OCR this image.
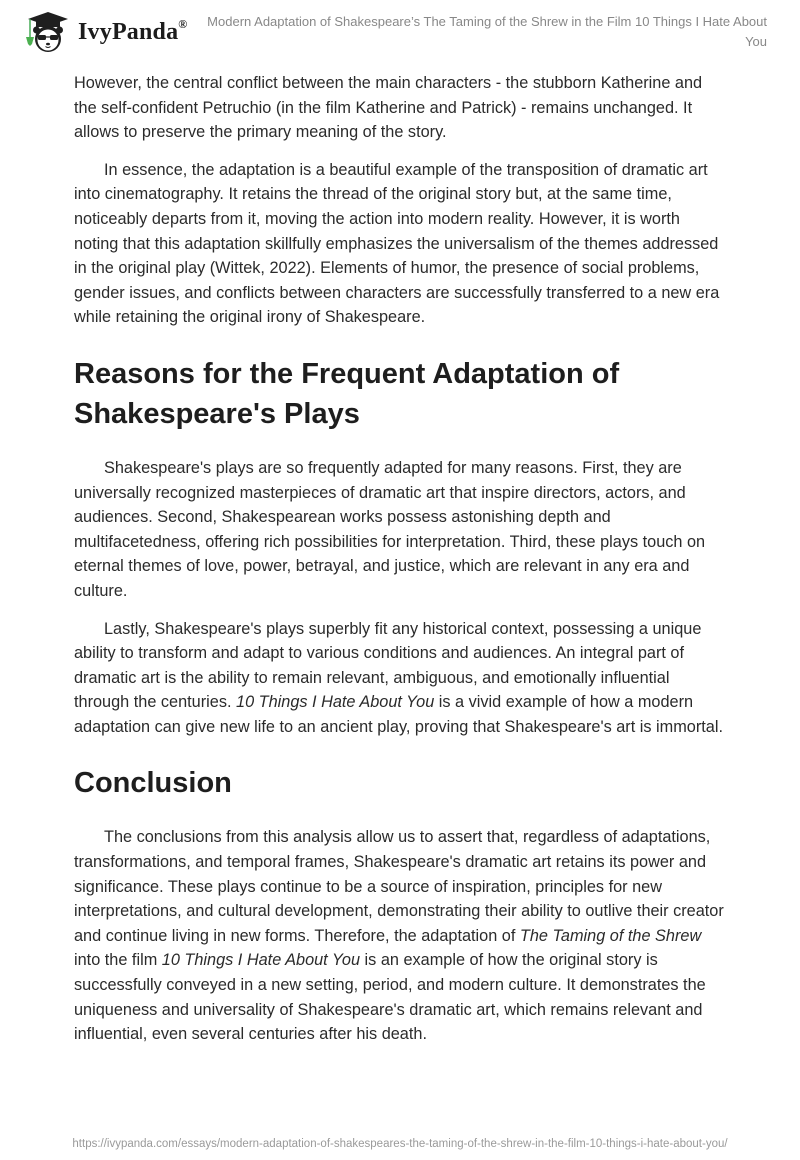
IvyPanda® Modern Adaptation of Shakespeare’s The Taming of the Shrew in the Film 10 Things I Hate About You

However, the central conflict between the main characters - the stubborn Katherine and the self-confident Petruchio (in the film Katherine and Patrick) - remains unchanged. It allows to preserve the primary meaning of the story.

In essence, the adaptation is a beautiful example of the transposition of dramatic art into cinematography. It retains the thread of the original story but, at the same time, noticeably departs from it, moving the action into modern reality. However, it is worth noting that this adaptation skillfully emphasizes the universalism of the themes addressed in the original play (Wittek, 2022). Elements of humor, the presence of social problems, gender issues, and conflicts between characters are successfully transferred to a new era while retaining the original irony of Shakespeare.

Reasons for the Frequent Adaptation of Shakespeare's Plays

Shakespeare's plays are so frequently adapted for many reasons. First, they are universally recognized masterpieces of dramatic art that inspire directors, actors, and audiences. Second, Shakespearean works possess astonishing depth and multifacetedness, offering rich possibilities for interpretation. Third, these plays touch on eternal themes of love, power, betrayal, and justice, which are relevant in any era and culture.

Lastly, Shakespeare's plays superbly fit any historical context, possessing a unique ability to transform and adapt to various conditions and audiences. An integral part of dramatic art is the ability to remain relevant, ambiguous, and emotionally influential through the centuries. 10 Things I Hate About You is a vivid example of how a modern adaptation can give new life to an ancient play, proving that Shakespeare's art is immortal.

Conclusion

The conclusions from this analysis allow us to assert that, regardless of adaptations, transformations, and temporal frames, Shakespeare's dramatic art retains its power and significance. These plays continue to be a source of inspiration, principles for new interpretations, and cultural development, demonstrating their ability to outlive their creator and continue living in new forms. Therefore, the adaptation of The Taming of the Shrew into the film 10 Things I Hate About You is an example of how the original story is successfully conveyed in a new setting, period, and modern culture. It demonstrates the uniqueness and universality of Shakespeare's dramatic art, which remains relevant and influential, even several centuries after his death.

https://ivypanda.com/essays/modern-adaptation-of-shakespeares-the-taming-of-the-shrew-in-the-film-10-things-i-hate-about-you/
